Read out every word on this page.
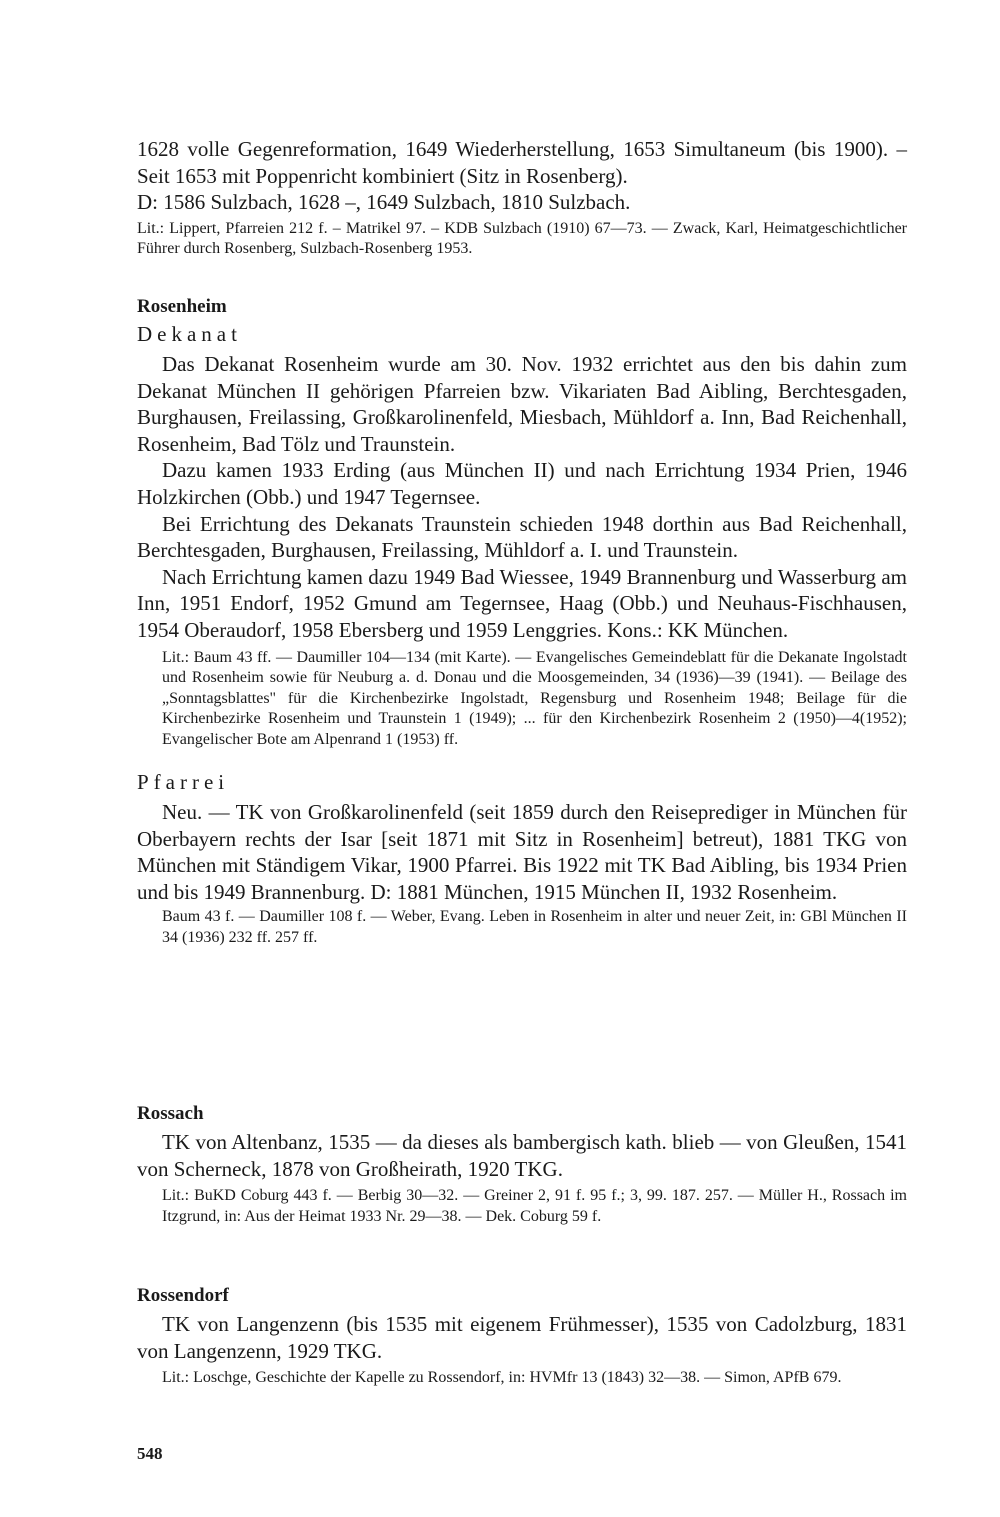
1628 volle Gegenreformation, 1649 Wiederherstellung, 1653 Simultaneum (bis 1900). – Seit 1653 mit Poppenricht kombiniert (Sitz in Rosenberg).

D: 1586 Sulzbach, 1628 –, 1649 Sulzbach, 1810 Sulzbach.

Lit.: Lippert, Pfarreien 212 f. – Matrikel 97. – KDB Sulzbach (1910) 67—73. — Zwack, Karl, Heimatgeschichtlicher Führer durch Rosenberg, Sulzbach-Rosenberg 1953.

Rosenheim
Dekanat

Das Dekanat Rosenheim wurde am 30. Nov. 1932 errichtet aus den bis dahin zum Dekanat München II gehörigen Pfarreien bzw. Vikariaten Bad Aibling, Berchtesgaden, Burghausen, Freilassing, Großkarolinenfeld, Miesbach, Mühldorf a. Inn, Bad Reichenhall, Rosenheim, Bad Tölz und Traunstein.

Dazu kamen 1933 Erding (aus München II) und nach Errichtung 1934 Prien, 1946 Holzkirchen (Obb.) und 1947 Tegernsee.

Bei Errichtung des Dekanats Traunstein schieden 1948 dorthin aus Bad Reichenhall, Berchtesgaden, Burghausen, Freilassing, Mühldorf a. I. und Traunstein.

Nach Errichtung kamen dazu 1949 Bad Wiessee, 1949 Brannenburg und Wasserburg am Inn, 1951 Endorf, 1952 Gmund am Tegernsee, Haag (Obb.) und Neuhaus-Fischhausen, 1954 Oberaudorf, 1958 Ebersberg und 1959 Lenggries. Kons.: KK München.

Lit.: Baum 43 ff. — Daumiller 104—134 (mit Karte). — Evangelisches Gemeindeblatt für die Dekanate Ingolstadt und Rosenheim sowie für Neuburg a. d. Donau und die Moosgemeinden, 34 (1936)—39 (1941). — Beilage des „Sonntagsblattes" für die Kirchenbezirke Ingolstadt, Regensburg und Rosenheim 1948; Beilage für die Kirchenbezirke Rosenheim und Traunstein 1 (1949); ... für den Kirchenbezirk Rosenheim 2 (1950)—4(1952); Evangelischer Bote am Alpenrand 1 (1953) ff.

Pfarrei

Neu. — TK von Großkarolinenfeld (seit 1859 durch den Reiseprediger in München für Oberbayern rechts der Isar [seit 1871 mit Sitz in Rosenheim] betreut), 1881 TKG von München mit Ständigem Vikar, 1900 Pfarrei. Bis 1922 mit TK Bad Aibling, bis 1934 Prien und bis 1949 Brannenburg. D: 1881 München, 1915 München II, 1932 Rosenheim.

Baum 43 f. — Daumiller 108 f. — Weber, Evang. Leben in Rosenheim in alter und neuer Zeit, in: GBl München II 34 (1936) 232 ff. 257 ff.

Rossach

TK von Altenbanz, 1535 — da dieses als bambergisch kath. blieb — von Gleußen, 1541 von Scherneck, 1878 von Großheirath, 1920 TKG.

Lit.: BuKD Coburg 443 f. — Berbig 30—32. — Greiner 2, 91 f. 95 f.; 3, 99. 187. 257. — Müller H., Rossach im Itzgrund, in: Aus der Heimat 1933 Nr. 29—38. — Dek. Coburg 59 f.

Rossendorf

TK von Langenzenn (bis 1535 mit eigenem Frühmesser), 1535 von Cadolzburg, 1831 von Langenzenn, 1929 TKG.

Lit.: Loschge, Geschichte der Kapelle zu Rossendorf, in: HVMfr 13 (1843) 32—38. — Simon, APfB 679.

548
